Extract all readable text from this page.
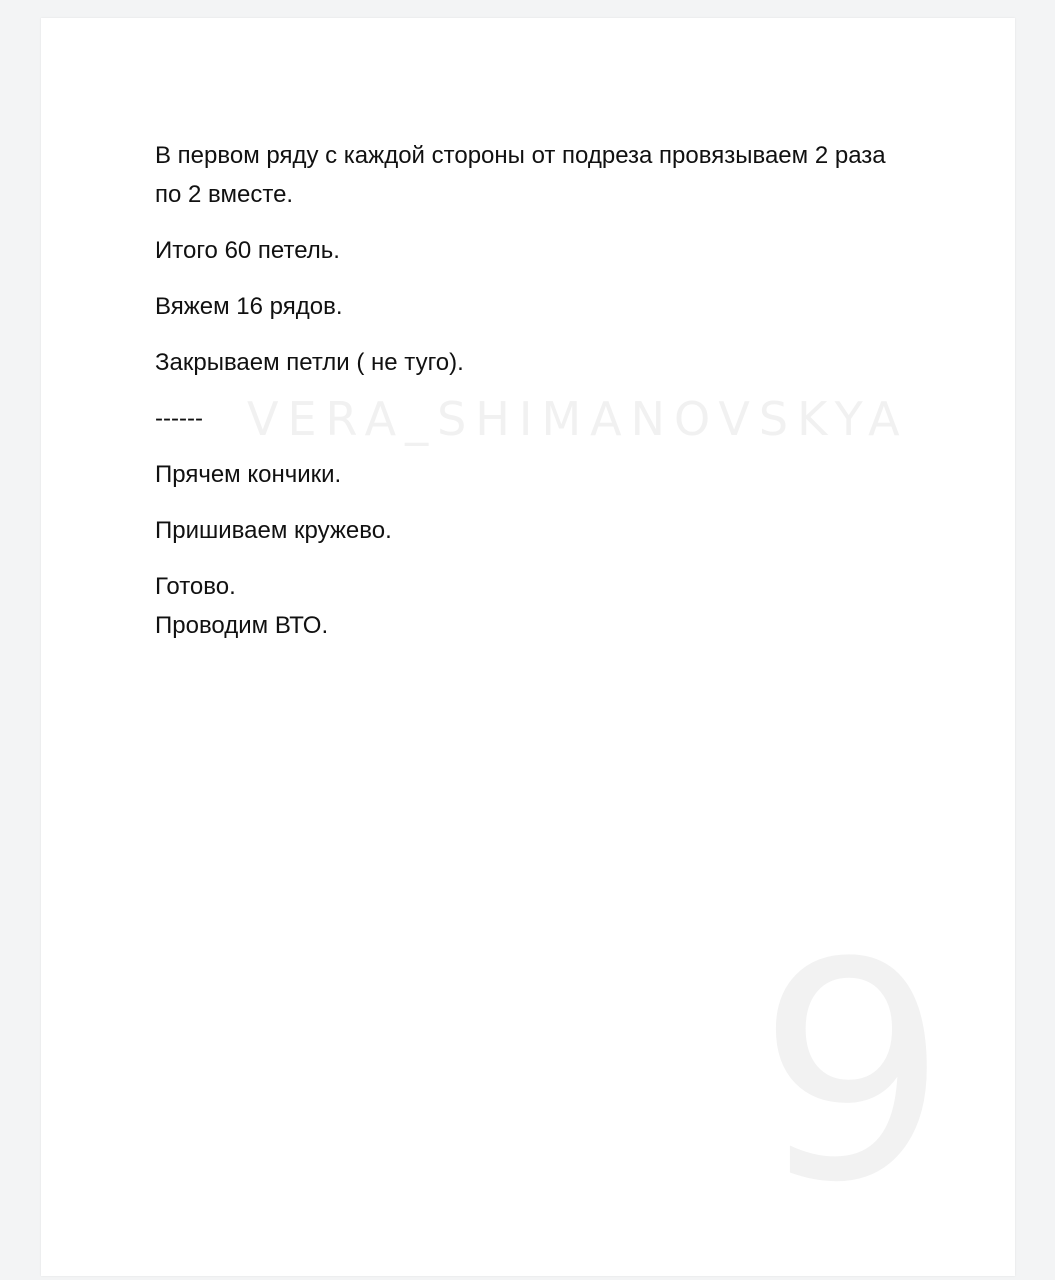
VERA_SHIMANOVSKYA
9

В первом ряду с каждой стороны от подреза провязываем 2 раза по 2 вместе.

Итого 60 петель.

Вяжем 16 рядов.

Закрываем петли ( не туго).

------

Прячем кончики.

Пришиваем кружево.

Готово.

Проводим ВТО.
